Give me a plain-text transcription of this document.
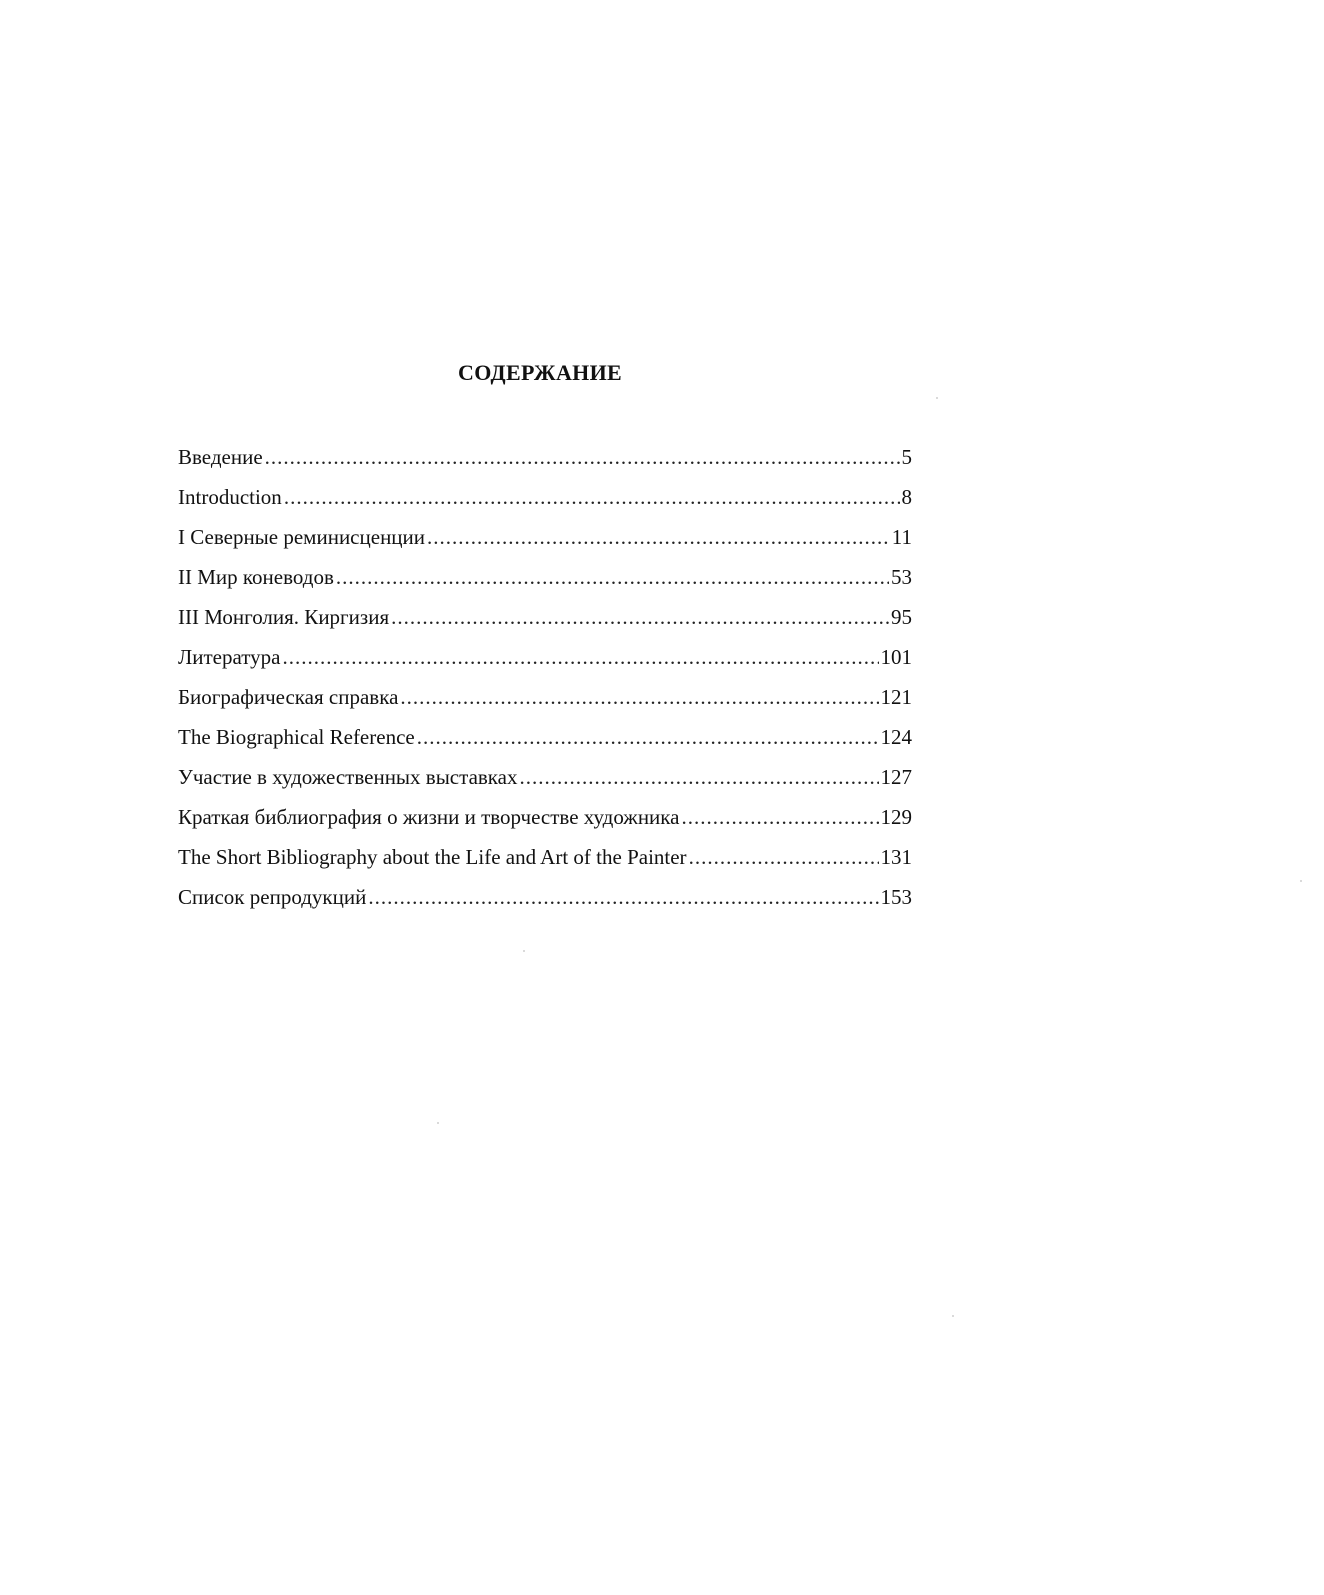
СОДЕРЖАНИЕ
Введение .....	5
Introduction .....	8
I Северные реминисценции .....	11
II Мир коневодов .....	53
III Монголия. Киргизия .....	95
Литература .....	101
Биографическая справка .....	121
The Biographical Reference .....	124
Участие в художественных выставках .....	127
Краткая библиография о жизни и творчестве художника .....	129
The Short Bibliography about the Life and Art of the Painter .....	131
Список репродукций .....	153
